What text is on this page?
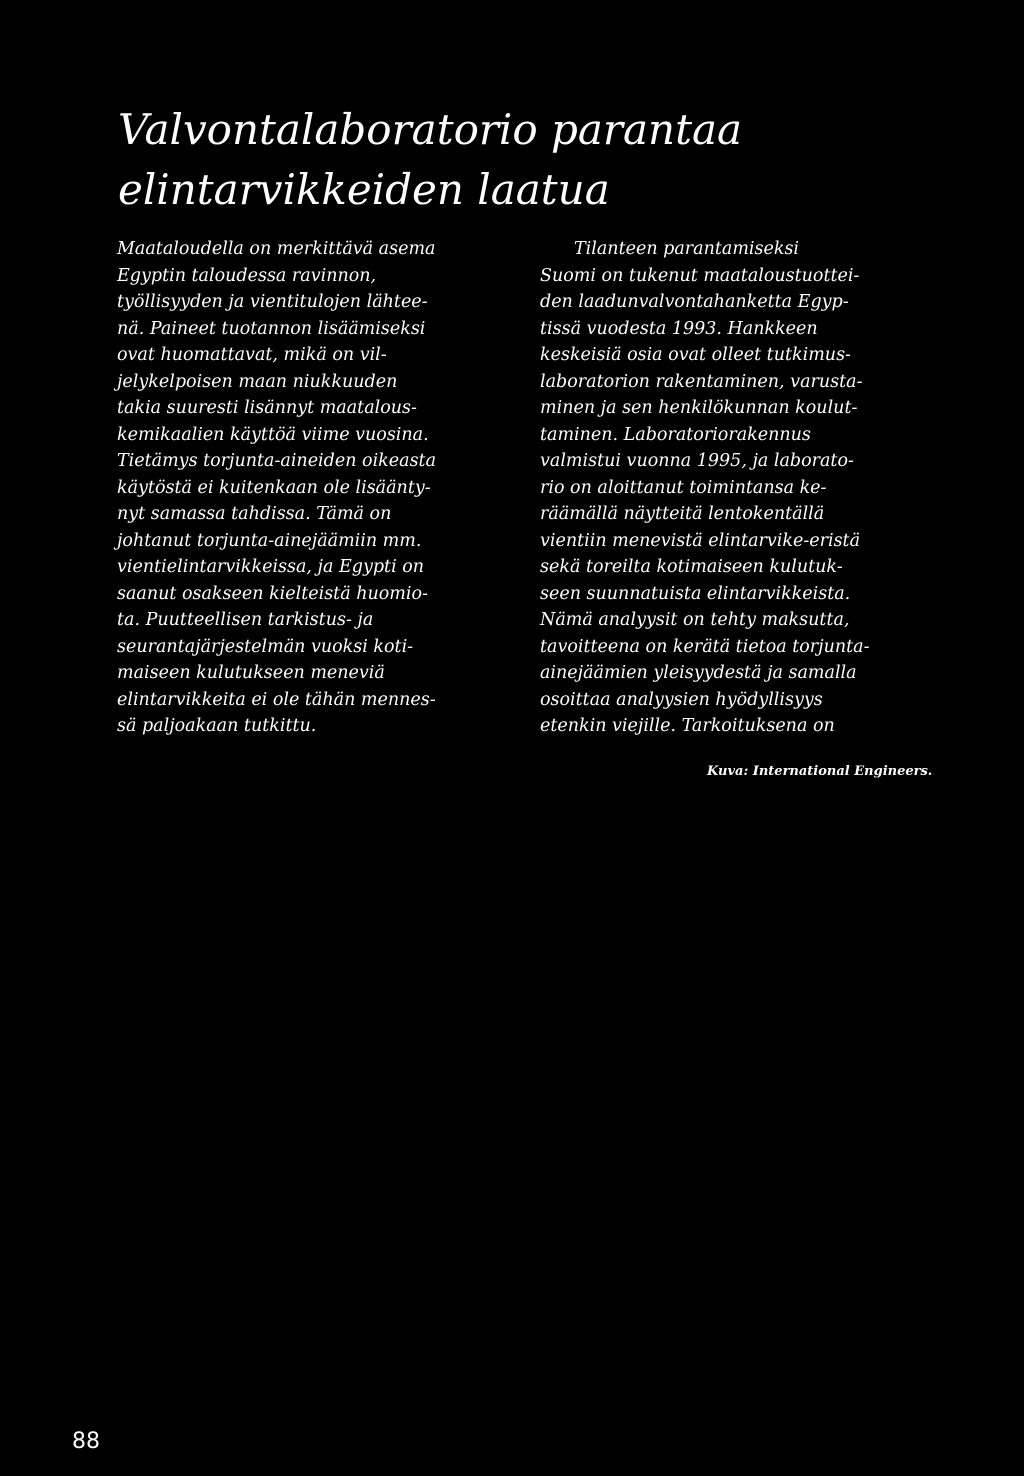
Valvontalaboratorio parantaa
elintarvikkeiden laatua
Maataloudella on merkittävä asema
Egyptin taloudessa ravinnon,
työllisyyden ja vientitulojen lähtee-
nä. Paineet tuotannon lisäämiseksi
ovat huomattavat, mikä on vil-
jelykelpoisen maan niukkuuden
takia suuresti lisännyt maatalous-
kemikaalien käyttöä viime vuosina.
Tietämys torjunta-aineiden oikeasta
käytöstä ei kuitenkaan ole lisäänty-
nyt samassa tahdissa. Tämä on
johtanut torjunta-ainejäämiin mm.
vientielintarvikkeissa, ja Egypti on
saanut osakseen kielteistä huomio-
ta. Puutteellisen tarkistus- ja
seurantajärjestelmän vuoksi koti-
maiseen kulutukseen meneviä
elintarvikkeita ei ole tähän mennes-
sä paljoakaan tutkittu.
Tilanteen parantamiseksi
Suomi on tukenut maataloustuottei-
den laadunvalvontahanketta Egyp-
tissä vuodesta 1993. Hankkeen
keskeisiä osia ovat olleet tutkimus-
laboratorion rakentaminen, varusta-
minen ja sen henkilökunnan koulut-
taminen. Laboratoriorakennus
valmistui vuonna 1995, ja laborato-
rio on aloittanut toimintansa ke-
räämällä näytteitä lentokentällä
vientiin menevistä elintarvike-eristä
sekä toreilta kotimaiseen kulutuk-
seen suunnatuista elintarvikkeista.
Nämä analyysit on tehty maksutta,
tavoitteena on kerätä tietoa torjunta-
ainejäämien yleisyydestä ja samalla
osoittaa analyysien hyödyllisyys
etenkin viejille. Tarkoituksena on
Kuva: International Engineers.
88
